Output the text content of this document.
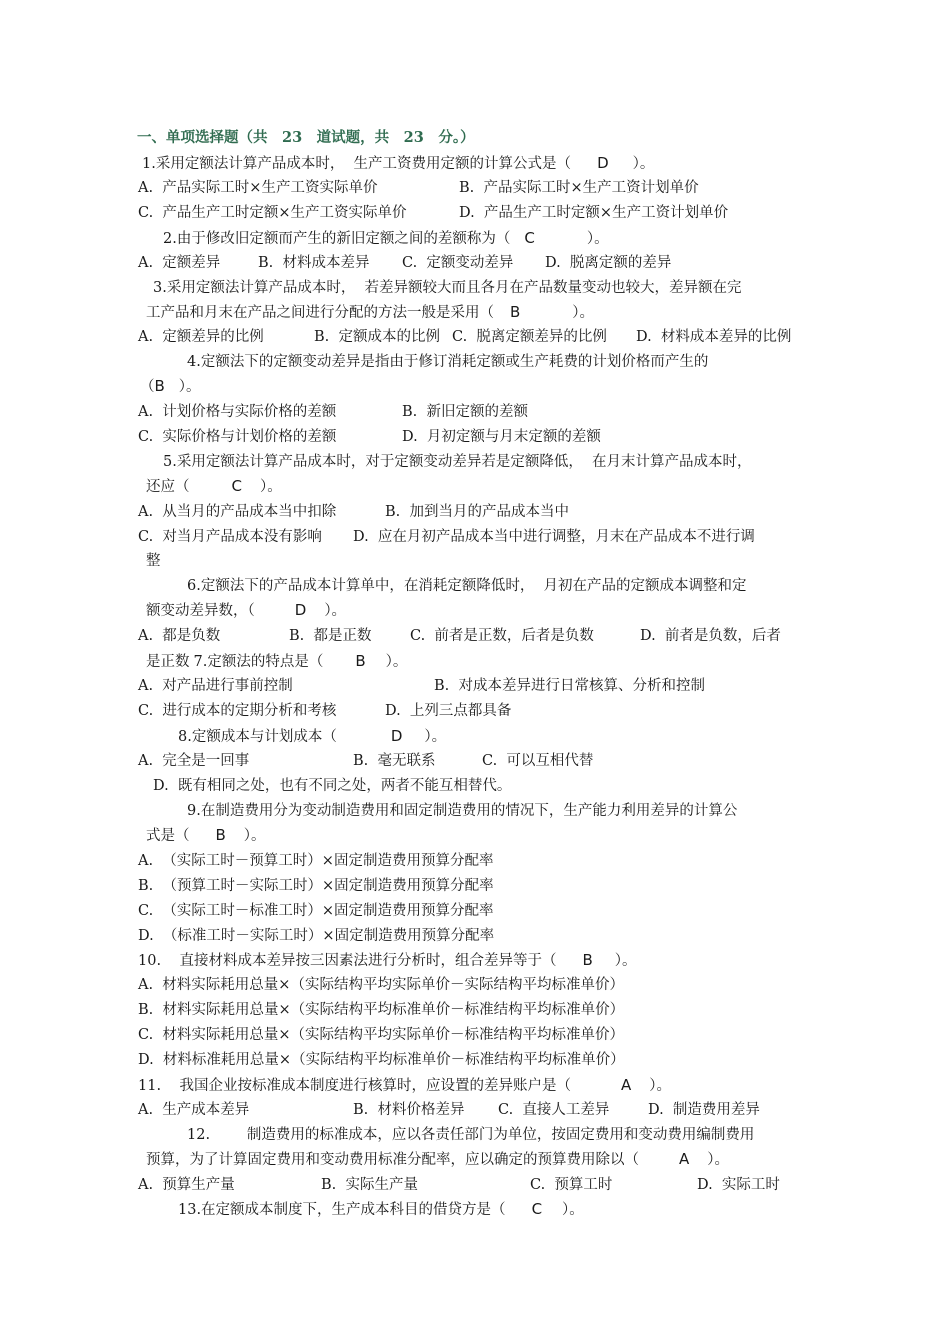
一、单项选择题（共　23　道试题，共　23　分。）
1.采用定额法计算产品成本时，  生产工资费用定额的计算公式是（ D ）。
A.  产品实际工时×生产工资实际单价	B.  产品实际工时×生产工资计划单价
C.  产品生产工时定额×生产工资实际单价	D.  产品生产工时定额×生产工资计划单价
2.由于修改旧定额而产生的新旧定额之间的差额称为（ C	）。
A.  定额差异	B.  材料成本差异 C.  定额变动差异 D.  脱离定额的差异
3.采用定额法计算产品成本时，  若差异额较大而且各月在产品数量变动也较大，差异额在完
工产品和月末在产品之间进行分配的方法一般是采用（ B	）。
A.  定额差异的比例	B.  定额成本的比例 C.  脱离定额差异的比例 D.  材料成本差异的比例
4.定额法下的定额变动差异是指由于修订消耗定额或生产耗费的计划价格而产生的
（B ）。
A.  计划价格与实际价格的差额	B.  新旧定额的差额
C.  实际价格与计划价格的差额	D.  月初定额与月末定额的差额
5.采用定额法计算产品成本时，对于定额变动差异若是定额降低，  在月末计算产品成本时，
还应（	C ）。
A.  从当月的产品成本当中扣除	B.  加到当月的产品成本当中
C.  对当月产品成本没有影响 D.  应在月初产品成本当中进行调整，月末在产品成本不进行调
整
6.定额法下的产品成本计算单中，在消耗定额降低时，  月初在产品的定额成本调整和定
额变动差异数，（	D ）。
A.  都是负数	B.  都是正数	C.  前者是正数，后者是负数	D.  前者是负数，后者
是正数 7.定额法的特点是（ B ）。
A.  对产品进行事前控制	B.  对成本差异进行日常核算、分析和控制
C.  进行成本的定期分析和考核	D.  上列三点都具备
8.定额成本与计划成本（	D ）。
A.  完全是一回事	B.  毫无联系	C.  可以互相代替
D.  既有相同之处，也有不同之处，两者不能互相替代。
9.在制造费用分为变动制造费用和固定制造费用的情况下，生产能力利用差异的计算公
式是（ B ）。
A.  （实际工时－预算工时）×固定制造费用预算分配率
B.  （预算工时－实际工时）×固定制造费用预算分配率
C.  （实际工时－标准工时）×固定制造费用预算分配率
D.  （标准工时－实际工时）×固定制造费用预算分配率
10.    直接材料成本差异按三因素法进行分析时，组合差异等于（ B ）。
A.  材料实际耗用总量×（实际结构平均实际单价－实际结构平均标准单价）
B.  材料实际耗用总量×（实际结构平均标准单价－标准结构平均标准单价）
C.  材料实际耗用总量×（实际结构平均实际单价－标准结构平均标准单价）
D.  材料标准耗用总量×（实际结构平均标准单价－标准结构平均标准单价）
11.    我国企业按标准成本制度进行核算时，应设置的差异账户是（	A ）。
A.  生产成本差异	B.  材料价格差异 C.  直接人工差异	D.  制造费用差异
12.        制造费用的标准成本，应以各责任部门为单位，按固定费用和变动费用编制费用
预算，为了计算固定费用和变动费用标准分配率，应以确定的预算费用除以（	A ）。
A.  预算生产量	B.  实际生产量	C.  预算工时	D.  实际工时
13.在定额成本制度下，生产成本科目的借贷方是（ C ）。
